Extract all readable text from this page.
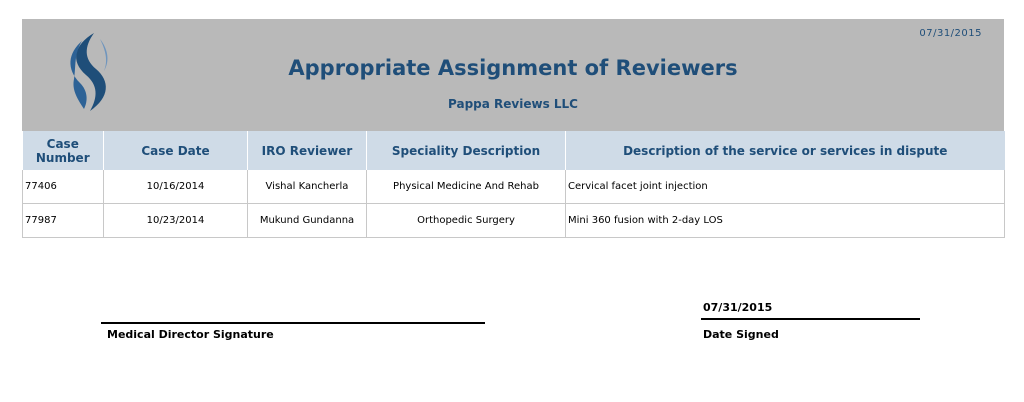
07/31/2015
Appropriate Assignment of Reviewers
Pappa Reviews LLC
Case Number	Case Date	IRO Reviewer	Speciality Description	Description of the service or services in dispute
77406	10/16/2014	Vishal Kancherla	Physical Medicine And Rehab	Cervical facet joint injection
77987	10/23/2014	Mukund Gundanna	Orthopedic Surgery	Mini 360 fusion with 2-day LOS
Medical Director Signature
07/31/2015
Date Signed
